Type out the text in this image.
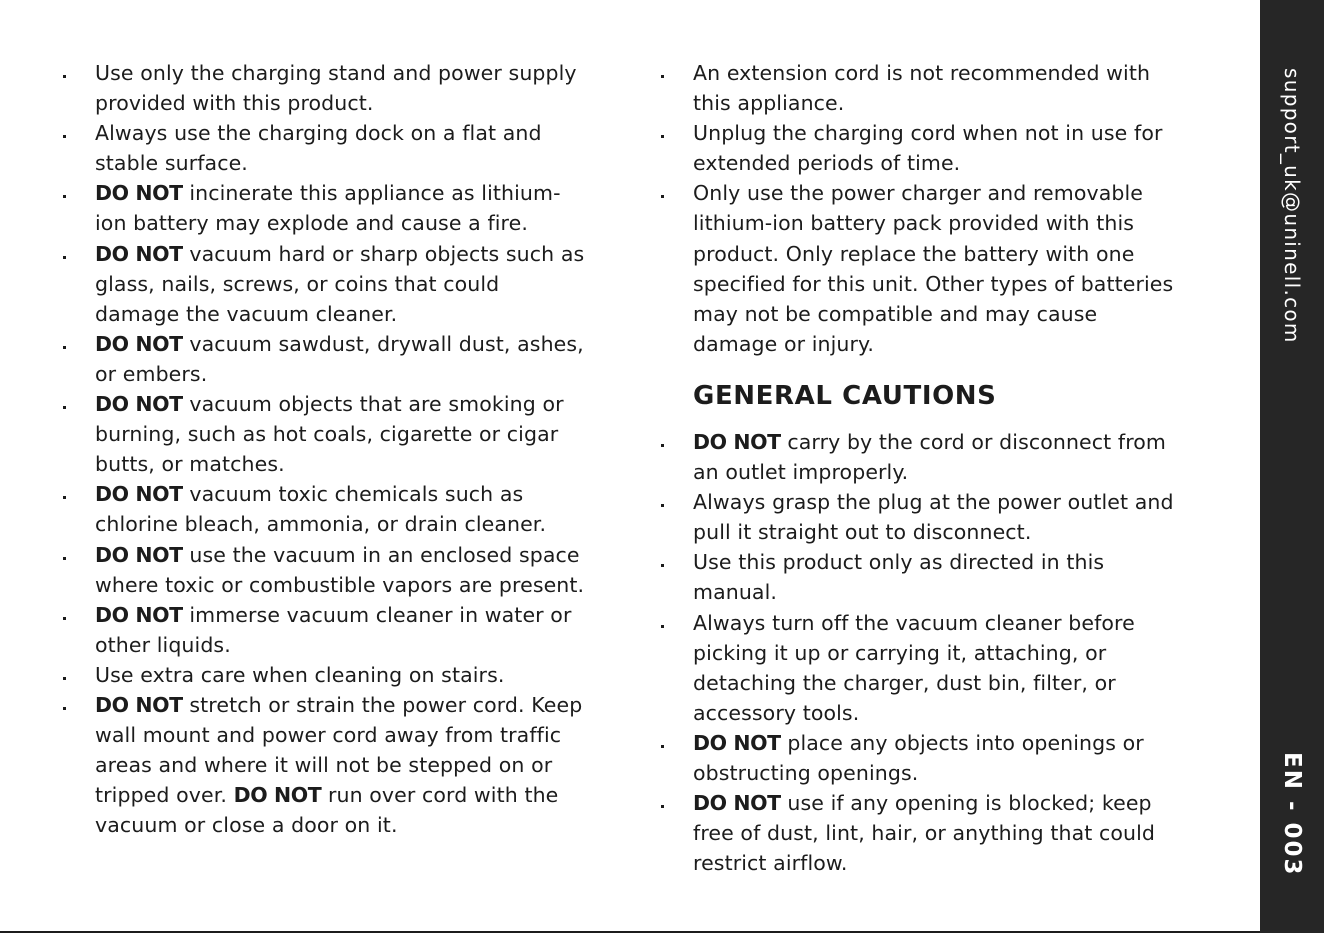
Use only the charging stand and power supply provided with this product.
Always use the charging dock on a flat and stable surface.
DO NOT incinerate this appliance as lithium-ion battery may explode and cause a fire.
DO NOT vacuum hard or sharp objects such as glass, nails, screws, or coins that could damage the vacuum cleaner.
DO NOT vacuum sawdust, drywall dust, ashes, or embers.
DO NOT vacuum objects that are smoking or burning, such as hot coals, cigarette or cigar butts, or matches.
DO NOT vacuum toxic chemicals such as chlorine bleach, ammonia, or drain cleaner.
DO NOT use the vacuum in an enclosed space where toxic or combustible vapors are present.
DO NOT immerse vacuum cleaner in water or other liquids.
Use extra care when cleaning on stairs.
DO NOT stretch or strain the power cord. Keep wall mount and power cord away from traffic areas and where it will not be stepped on or tripped over. DO NOT run over cord with the vacuum or close a door on it.
An extension cord is not recommended with this appliance.
Unplug the charging cord when not in use for extended periods of time.
Only use the power charger and removable lithium-ion battery pack provided with this product. Only replace the battery with one specified for this unit. Other types of batteries may not be compatible and may cause damage or injury.
GENERAL CAUTIONS
DO NOT carry by the cord or disconnect from an outlet improperly.
Always grasp the plug at the power outlet and pull it straight out to disconnect.
Use this product only as directed in this manual.
Always turn off the vacuum cleaner before picking it up or carrying it, attaching, or detaching the charger, dust bin, filter, or accessory tools.
DO NOT place any objects into openings or obstructing openings.
DO NOT use if any opening is blocked; keep free of dust, lint, hair, or anything that could restrict airflow.
support_uk@uninell.com
EN - 003
